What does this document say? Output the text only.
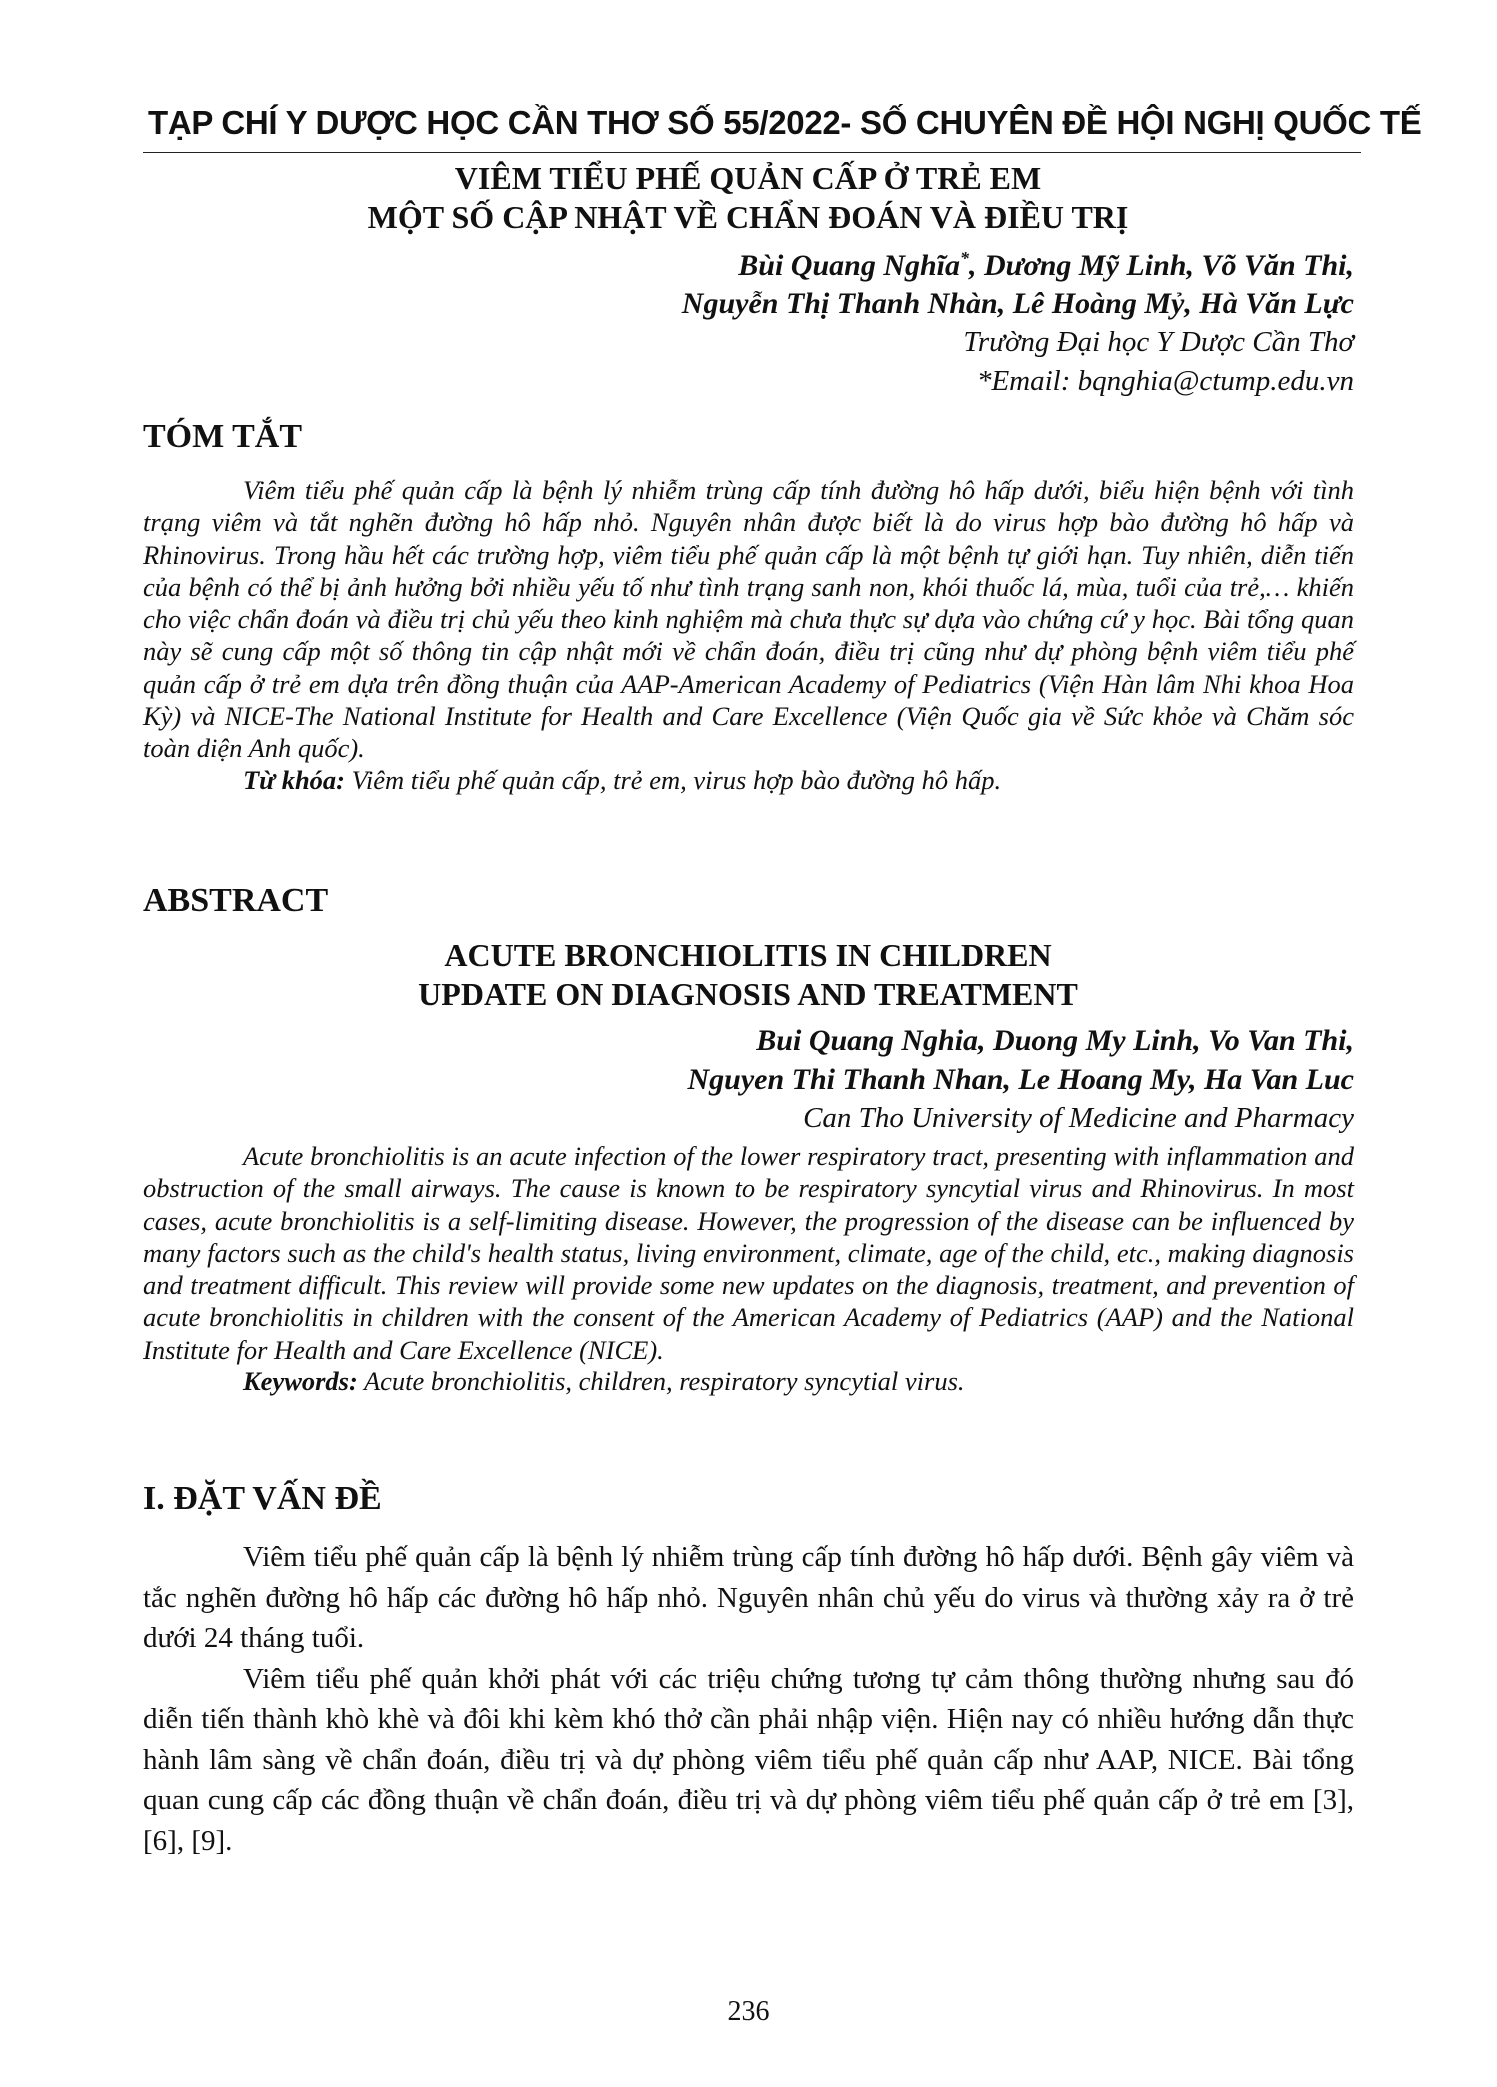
TẠP CHÍ Y DƯỢC HỌC CẦN THƠ SỐ 55/2022- SỐ CHUYÊN ĐỀ HỘI NGHỊ QUỐC TẾ
VIÊM TIỂU PHẾ QUẢN CẤP Ở TRẺ EM
MỘT SỐ CẬP NHẬT VỀ CHẨN ĐOÁN VÀ ĐIỀU TRỊ
Bùi Quang Nghĩa*, Dương Mỹ Linh, Võ Văn Thi,
Nguyễn Thị Thanh Nhàn, Lê Hoàng Mỷ, Hà Văn Lực
Trường Đại học Y Dược Cần Thơ
*Email: bqnghia@ctump.edu.vn
TÓM TẮT

Viêm tiểu phế quản cấp là bệnh lý nhiễm trùng cấp tính đường hô hấp dưới, biểu hiện bệnh với tình trạng viêm và tắt nghẽn đường hô hấp nhỏ. Nguyên nhân được biết là do virus hợp bào đường hô hấp và Rhinovirus. Trong hầu hết các trường hợp, viêm tiểu phế quản cấp là một bệnh tự giới hạn. Tuy nhiên, diễn tiến của bệnh có thể bị ảnh hưởng bởi nhiều yếu tố như tình trạng sanh non, khói thuốc lá, mùa, tuổi của trẻ,… khiến cho việc chẩn đoán và điều trị chủ yếu theo kinh nghiệm mà chưa thực sự dựa vào chứng cứ y học. Bài tổng quan này sẽ cung cấp một số thông tin cập nhật mới về chẩn đoán, điều trị cũng như dự phòng bệnh viêm tiểu phế quản cấp ở trẻ em dựa trên đồng thuận của AAP-American Academy of Pediatrics (Viện Hàn lâm Nhi khoa Hoa Kỳ) và NICE-The National Institute for Health and Care Excellence (Viện Quốc gia về Sức khỏe và Chăm sóc toàn diện Anh quốc).

Từ khóa: Viêm tiểu phế quản cấp, trẻ em, virus hợp bào đường hô hấp.

ABSTRACT
ACUTE BRONCHIOLITIS IN CHILDREN
UPDATE ON DIAGNOSIS AND TREATMENT
Bui Quang Nghia, Duong My Linh, Vo Van Thi,
Nguyen Thi Thanh Nhan, Le Hoang My, Ha Van Luc
Can Tho University of Medicine and Pharmacy

Acute bronchiolitis is an acute infection of the lower respiratory tract, presenting with inflammation and obstruction of the small airways. The cause is known to be respiratory syncytial virus and Rhinovirus. In most cases, acute bronchiolitis is a self-limiting disease. However, the progression of the disease can be influenced by many factors such as the child's health status, living environment, climate, age of the child, etc., making diagnosis and treatment difficult. This review will provide some new updates on the diagnosis, treatment, and prevention of acute bronchiolitis in children with the consent of the American Academy of Pediatrics (AAP) and the National Institute for Health and Care Excellence (NICE).

Keywords: Acute bronchiolitis, children, respiratory syncytial virus.

I. ĐẶT VẤN ĐỀ

Viêm tiểu phế quản cấp là bệnh lý nhiễm trùng cấp tính đường hô hấp dưới. Bệnh gây viêm và tắc nghẽn đường hô hấp các đường hô hấp nhỏ. Nguyên nhân chủ yếu do virus và thường xảy ra ở trẻ dưới 24 tháng tuổi.

Viêm tiểu phế quản khởi phát với các triệu chứng tương tự cảm thông thường nhưng sau đó diễn tiến thành khò khè và đôi khi kèm khó thở cần phải nhập viện. Hiện nay có nhiều hướng dẫn thực hành lâm sàng về chẩn đoán, điều trị và dự phòng viêm tiểu phế quản cấp như AAP, NICE. Bài tổng quan cung cấp các đồng thuận về chẩn đoán, điều trị và dự phòng viêm tiểu phế quản cấp ở trẻ em [3], [6], [9].

236
